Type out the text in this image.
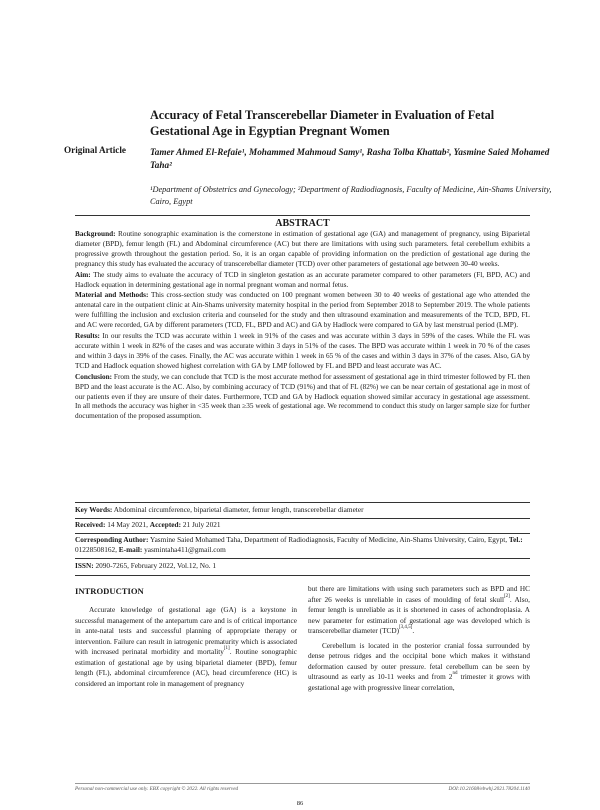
Original Article
Accuracy of Fetal Transcerebellar Diameter in Evaluation of Fetal Gestational Age in Egyptian Pregnant Women
Tamer Ahmed El-Refaie¹, Mohammed Mahmoud Samy¹, Rasha Tolba Khattab², Yasmine Saied Mohamed Taha²
¹Department of Obstetrics and Gynecology; ²Department of Radiodiagnosis, Faculty of Medicine, Ain-Shams University, Cairo, Egypt
ABSTRACT

Background: Routine sonographic examination is the cornerstone in estimation of gestational age (GA) and management of pregnancy, using Biparietal diameter (BPD), femur length (FL) and Abdominal circumference (AC) but there are limitations with using such parameters. fetal cerebellum exhibits a progressive growth throughout the gestation period. So, it is an organ capable of providing information on the prediction of gestational age during the pregnancy this study has evaluated the accuracy of transcerebellar diameter (TCD) over other parameters of gestational age between 30-40 weeks.

Aim: The study aims to evaluate the accuracy of TCD in singleton gestation as an accurate parameter compared to other parameters (Fl, BPD, AC) and Hadlock equation in determining gestational age in normal pregnant woman and normal fetus.

Material and Methods: This cross-section study was conducted on 100 pregnant women between 30 to 40 weeks of gestational age who attended the antenatal care in the outpatient clinic at Ain-Shams university maternity hospital in the period from September 2018 to September 2019. The whole patients were fulfilling the inclusion and exclusion criteria and counseled for the study and then ultrasound examination and measurements of the TCD, BPD, FL and AC were recorded, GA by different parameters (TCD, FL, BPD and AC) and GA by Hadlock were compared to GA by last menstrual period (LMP).

Results: In our results the TCD was accurate within 1 week in 91% of the cases and was accurate within 3 days in 59% of the cases. While the FL was accurate within 1 week in 82% of the cases and was accurate within 3 days in 51% of the cases. The BPD was accurate within 1 week in 70 % of the cases and within 3 days in 39% of the cases. Finally, the AC was accurate within 1 week in 65 % of the cases and within 3 days in 37% of the cases. Also, GA by TCD and Hadlock equation showed highest correlation with GA by LMP followed by FL and BPD and least accurate was AC.

Conclusion: From the study, we can conclude that TCD is the most accurate method for assessment of gestational age in third trimester followed by FL then BPD and the least accurate is the AC. Also, by combining accuracy of TCD (91%) and that of FL (82%) we can be near certain of gestational age in most of our patients even if they are unsure of their dates. Furthermore, TCD and GA by Hadlock equation showed similar accuracy in gestational age assessment. In all methods the accuracy was higher in <35 week than ≥35 week of gestational age. We recommend to conduct this study on larger sample size for further documentation of the proposed assumption.

Key Words: Abdominal circumference, biparietal diameter, femur length, transcerebellar diameter
Received: 14 May 2021, Accepted: 21 July 2021
Corresponding Author: Yasmine Saied Mohamed Taha, Department of Radiodiagnosis, Faculty of Medicine, Ain-Shams University, Cairo, Egypt, Tel.: 01228508162, E-mail: yasmintaha411@gmail.com
ISSN: 2090-7265, February 2022, Vol.12, No. 1
INTRODUCTION

Accurate knowledge of gestational age (GA) is a keystone in successful management of the antepartum care and is of critical importance in ante-natal tests and successful planning of appropriate therapy or intervention. Failure can result in iatrogenic prematurity which is associated with increased perinatal morbidity and mortality[1]. Routine sonographic estimation of gestational age by using biparietal diameter (BPD), femur length (FL), abdominal circumference (AC), head circumference (HC) is considered an important role in management of pregnancy

but there are limitations with using such parameters such as BPD and HC after 26 weeks is unreliable in cases of moulding of fetal skull[2]. Also, femur length is unreliable as it is shortened in cases of achondroplasia. A new parameter for estimation of gestational age was developed which is transcerebellar diameter (TCD)[3,4,5].

Cerebellum is located in the posterior cranial fossa surrounded by dense petrous ridges and the occipital bone which makes it withstand deformation caused by outer pressure. fetal cerebellum can be seen by ultrasound as early as 10-11 weeks and from 2nd trimester it grows with gestational age with progressive linear correlation,

Personal non-commercial use only. EBX copyright © 2022. All rights reserved	DOI:10.21608/ebwhj.2021.78204.1140
86
